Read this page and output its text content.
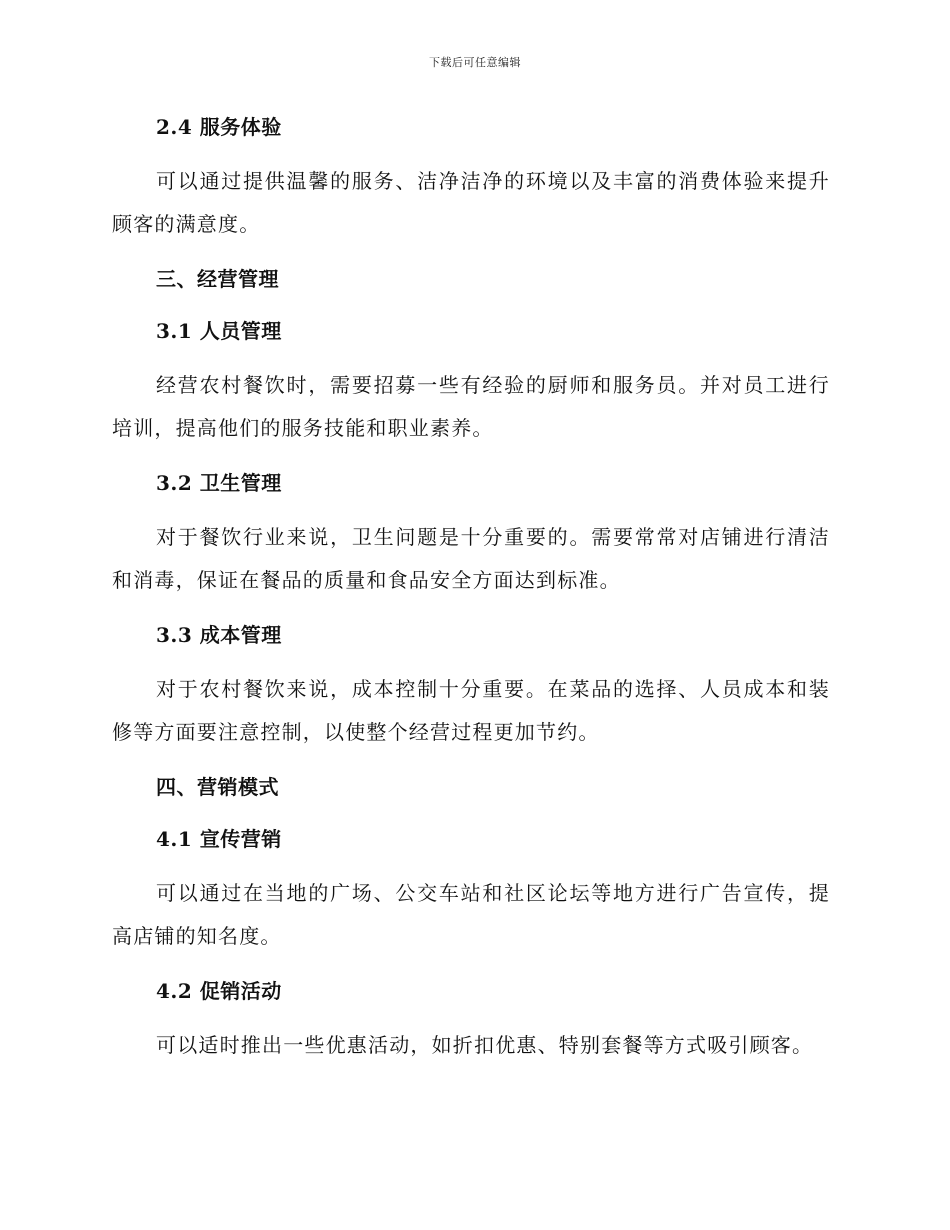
下载后可任意编辑
2.4 服务体验
可以通过提供温馨的服务、洁净洁净的环境以及丰富的消费体验来提升顾客的满意度。
三、经营管理
3.1 人员管理
经营农村餐饮时，需要招募一些有经验的厨师和服务员。并对员工进行培训，提高他们的服务技能和职业素养。
3.2 卫生管理
对于餐饮行业来说，卫生问题是十分重要的。需要常常对店铺进行清洁和消毒，保证在餐品的质量和食品安全方面达到标准。
3.3 成本管理
对于农村餐饮来说，成本控制十分重要。在菜品的选择、人员成本和装修等方面要注意控制，以使整个经营过程更加节约。
四、营销模式
4.1 宣传营销
可以通过在当地的广场、公交车站和社区论坛等地方进行广告宣传，提高店铺的知名度。
4.2 促销活动
可以适时推出一些优惠活动，如折扣优惠、特别套餐等方式吸引顾客。
